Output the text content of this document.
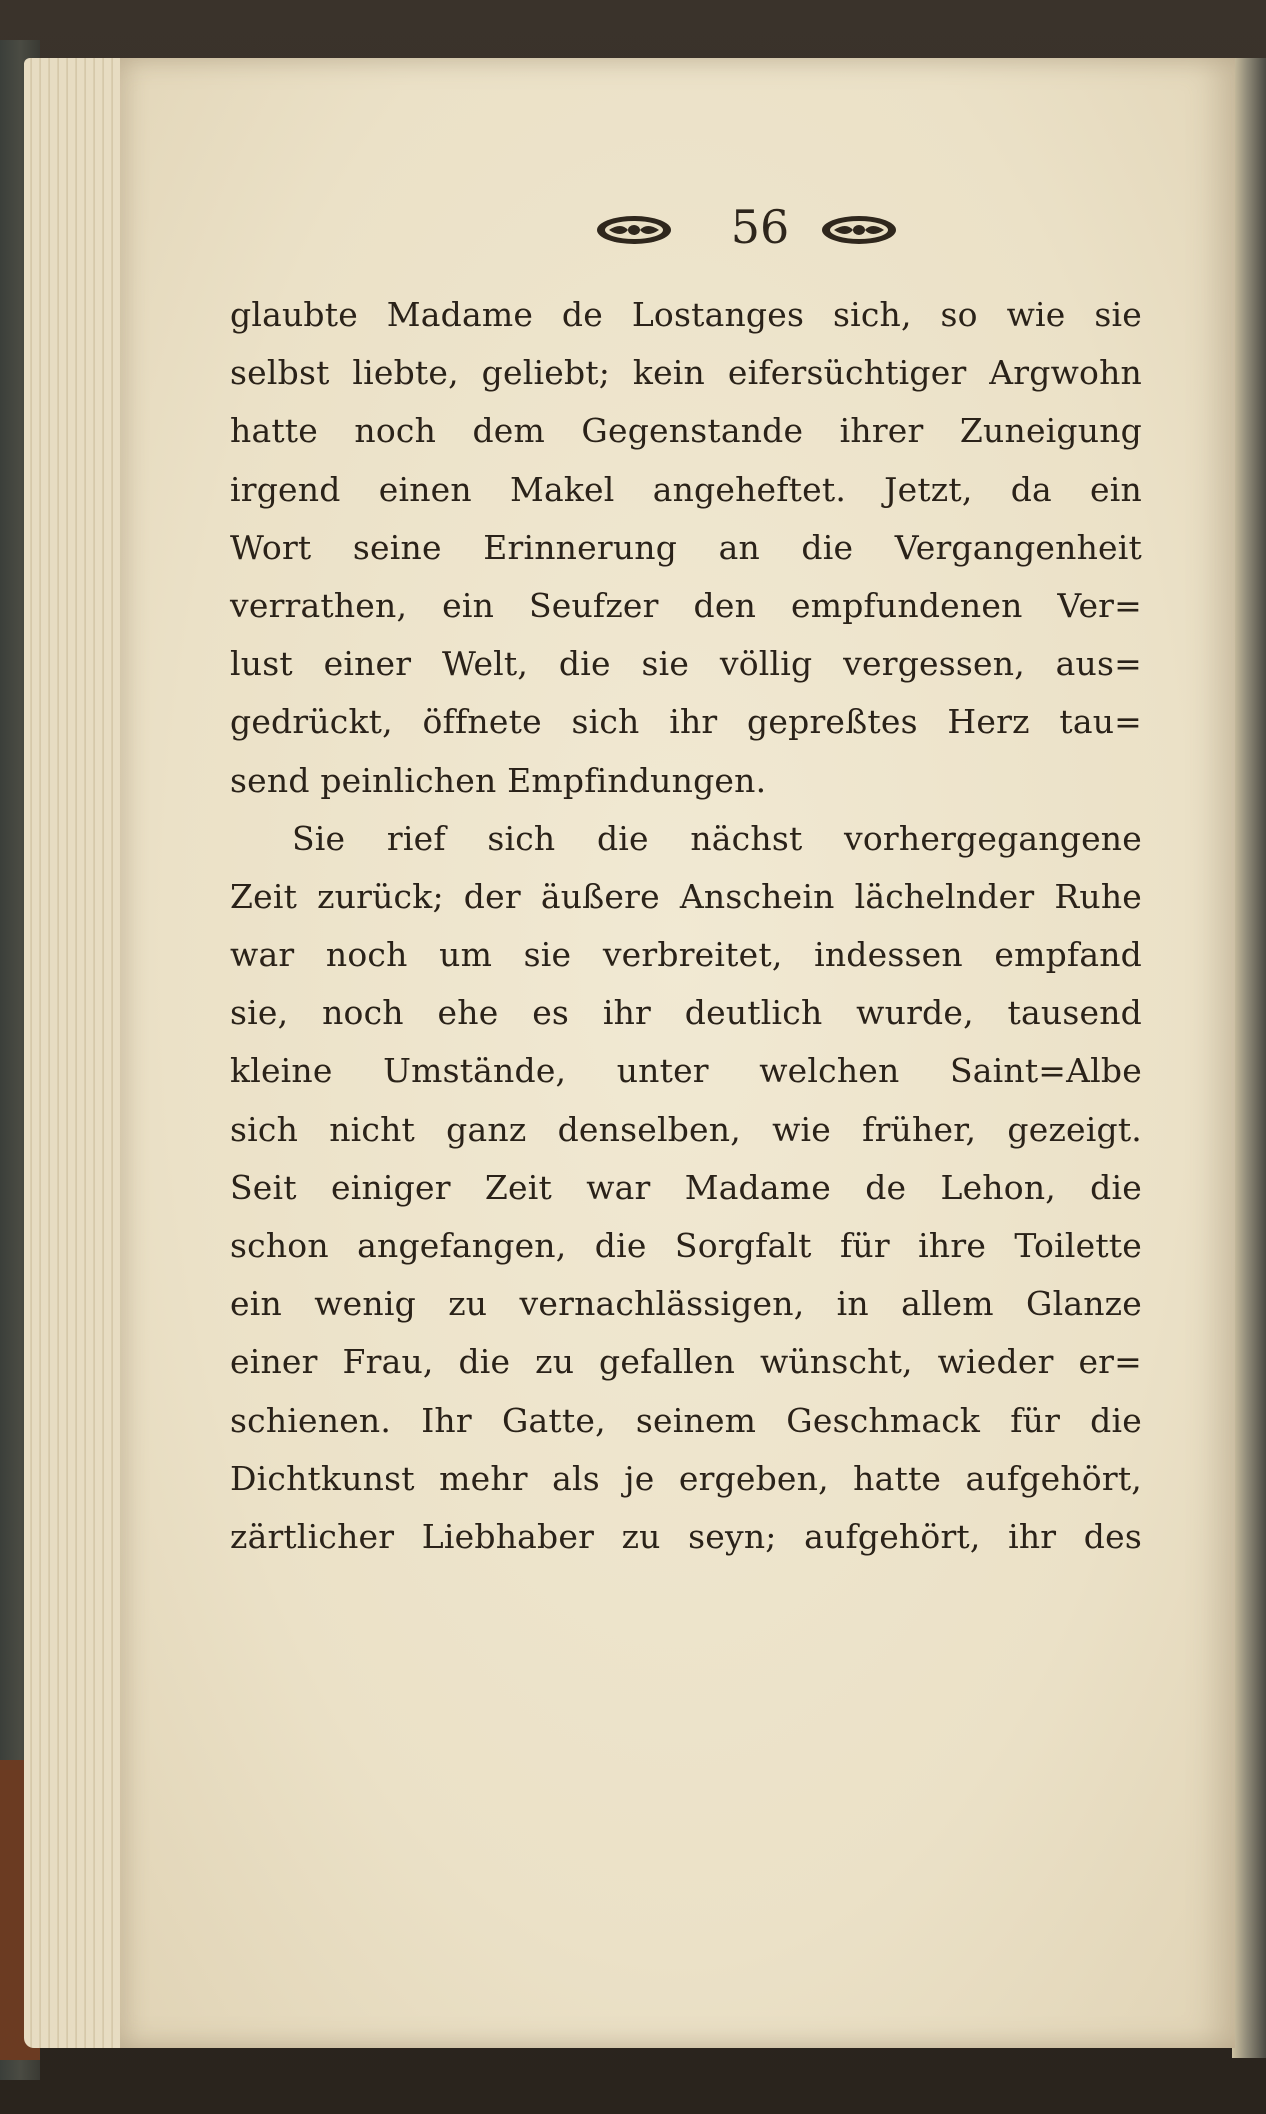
56
glaubte Madame de Lostanges sich, so wie sie
selbst liebte, geliebt; kein eifersüchtiger Argwohn
hatte noch dem Gegenstande ihrer Zuneigung
irgend einen Makel angeheftet. Jetzt, da ein
Wort seine Erinnerung an die Vergangenheit
verrathen, ein Seufzer den empfundenen Ver=
lust einer Welt, die sie völlig vergessen, aus=
gedrückt, öffnete sich ihr gepreßtes Herz tau=
send peinlichen Empfindungen.
Sie rief sich die nächst vorhergegangene
Zeit zurück; der äußere Anschein lächelnder Ruhe
war noch um sie verbreitet, indessen empfand
sie, noch ehe es ihr deutlich wurde, tausend
kleine Umstände, unter welchen Saint=Albe
sich nicht ganz denselben, wie früher, gezeigt.
Seit einiger Zeit war Madame de Lehon, die
schon angefangen, die Sorgfalt für ihre Toilette
ein wenig zu vernachlässigen, in allem Glanze
einer Frau, die zu gefallen wünscht, wieder er=
schienen. Ihr Gatte, seinem Geschmack für die
Dichtkunst mehr als je ergeben, hatte aufgehört,
zärtlicher Liebhaber zu seyn; aufgehört, ihr des
